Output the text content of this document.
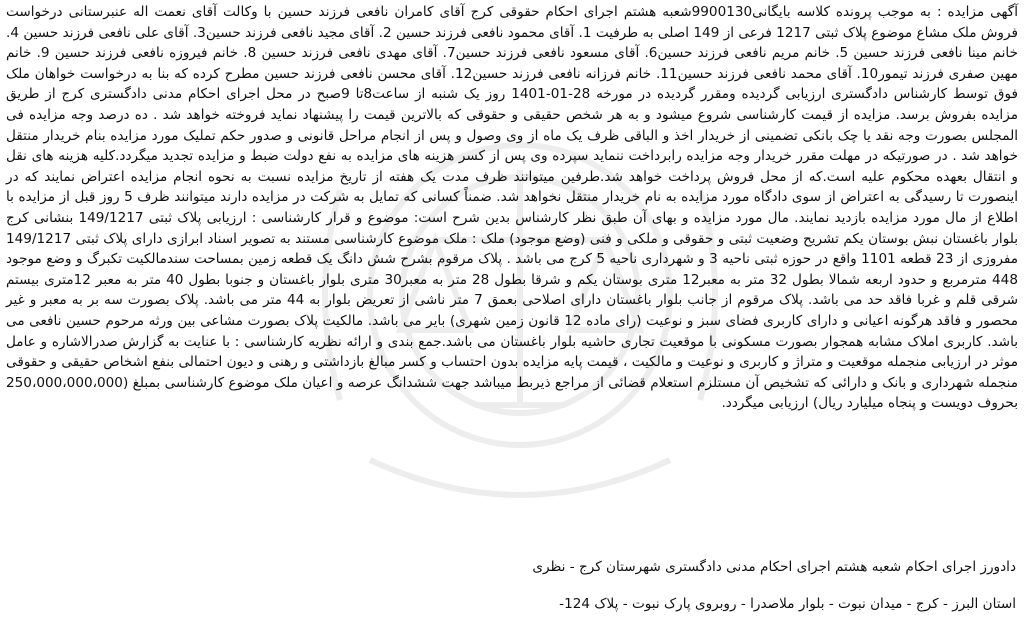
آگهی مزایده : به موجب پرونده کلاسه بایگانی9900130شعبه هشتم اجرای احکام حقوقی کرج آقای کامران نافعی فرزند حسین با وکالت آقای نعمت اله عنبرستانی درخواست فروش ملک مشاع موضوع پلاک ثبتی 1217 فرعی از 149 اصلی به طرفیت 1. آقای محمود نافعی فرزند حسین 2. آقای مجید نافعی فرزند حسین3. آقای علی نافعی فرزند حسین 4. خانم مینا نافعی فرزند حسین 5. خانم مریم نافعی فرزند حسین6. آقای مسعود نافعی فرزند حسین7. آقای مهدی نافعی فرزند حسین 8. خانم فیروزه نافعی فرزند حسین 9. خانم مهین صفری فرزند تیمور10. آقای محمد نافعی فرزند حسین11. خانم فرزانه نافعی فرزند حسین12. آقای محسن نافعی فرزند حسین مطرح کرده که بنا به درخواست خواهان ملک فوق توسط کارشناس دادگستری ارزیابی گردیده ومقرر گردیده در مورخه 28-01-1401 روز یک شنبه از ساعت8تا 9صبح در محل اجرای احکام مدنی دادگستری کرج از طریق مزایده بفروش برسد. مزایده از قیمت کارشناسی شروع میشود و به هر شخص حقیقی و حقوقی که بالاترین قیمت را پیشنهاد نماید فروخته خواهد شد . ده درصد وجه مزایده فی المجلس بصورت وجه نقد یا چک بانکی تضمینی از خریدار اخذ و الباقی ظرف یک ماه از وی وصول و پس از انجام مراحل قانونی و صدور حکم تملیک مورد مزایده بنام خریدار منتقل خواهد شد . در صورتیکه در مهلت مقرر خریدار وجه مزایده رابرداخت ننماید سپرده وی پس از کسر هزینه های مزایده به نفع دولت ضبط و مزایده تجدید میگردد.کلیه هزینه های نقل و انتقال بعهده محکوم علیه است.که از محل فروش پرداخت خواهد شد.طرفین میتوانند ظرف مدت یک هفته از تاریخ مزایده نسبت به نحوه انجام مزایده اعتراض نمایند که در اینصورت تا رسیدگی به اعتراض از سوی دادگاه مورد مزایده به نام خریدار منتقل نخواهد شد. ضمناً کسانی که تمایل به شرکت در مزایده دارند میتوانند ظرف 5 روز قبل از مزایده با اطلاع از مال مورد مزایده بازدید نمایند. مال مورد مزایده و بهای آن طبق نظر کارشناس بدین شرح است: موضوع و قرار کارشناسی : ارزیابی پلاک ثبتی 149/1217 بنشانی کرج بلوار باغستان نبش بوستان یکم تشریح وضعیت ثبتی و حقوقی و ملکی و فنی (وضع موجود) ملک : ملک موضوع کارشناسی مستند به تصویر اسناد ابرازی دارای پلاک ثبتی 149/1217 مفروزی از 23 قطعه 1101 واقع در حوزه ثبتی ناحیه 3 و شهرداری ناحیه 5 کرج می باشد . پلاک مرقوم بشرح شش دانگ یک قطعه زمین بمساحت سندمالکیت تکبرگ و وضع موجود 448 مترمربع و حدود اربعه شمالا بطول 32 متر به معبر12 متری بوستان یکم و شرقا بطول 28 متر به معبر30 متری بلوار باغستان و جنوبا بطول 40 متر به معبر 12متری بیستم شرقی قلم و غربا فاقد حد می باشد. پلاک مرقوم از جانب بلوار باغستان دارای اصلاحی بعمق 7 متر ناشی از تعریض بلوار به 44 متر می باشد. پلاک بصورت سه بر به معبر و غیر محصور و فاقد هرگونه اعیانی و دارای کاربری فضای سبز و نوعیت (رای ماده 12 قانون زمین شهری) بایر می باشد. مالکیت پلاک بصورت مشاعی بین ورثه مرحوم حسین نافعی می باشد. کاربری املاک مشابه همجوار بصورت مسکونی با موقعیت تجاری حاشیه بلوار باغستان می باشد.جمع بندی و ارائه نظریه کارشناسی : با عنایت به گزارش صدرالاشاره و عامل موثر در ارزیابی منجمله موقعیت و متراژ و کاربری و نوعیت و مالکیت ، قیمت پایه مزایده بدون احتساب و کسر مبالغ بازداشتی و رهنی و دیون احتمالی بنفع اشخاص حقیقی و حقوقی منجمله شهرداری و بانک و دارائی که تشخیص آن مستلزم استعلام قضائی از مراجع ذیربط میباشد جهت ششدانگ عرصه و اعیان ملک موضوع کارشناسی بمبلغ (250،000،000،000 بحروف دویست و پنجاه میلیارد ریال) ارزیابی میگردد.

دادورز اجرای احکام شعبه هشتم اجرای احکام مدنی دادگستری شهرستان کرج - نظری
استان البرز - کرج - میدان نبوت - بلوار ملاصدرا - روبروی پارک نبوت - پلاک 124-
